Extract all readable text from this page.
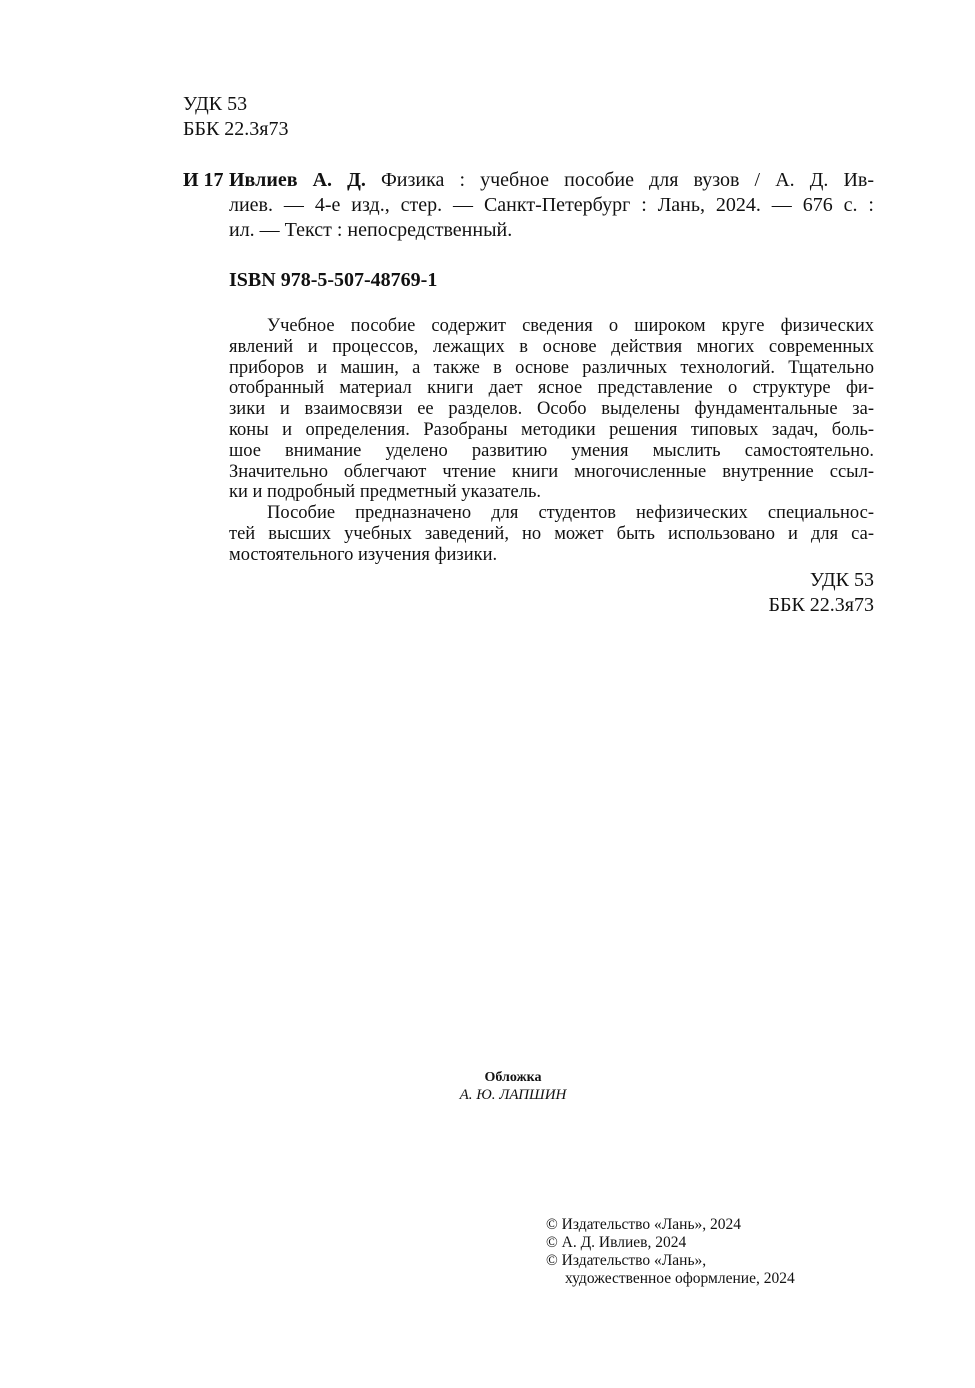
УДК 53
ББК 22.3я73
И 17 Ивлиев А. Д. Физика : учебное пособие для вузов / А. Д. Ив-
лиев. — 4-е изд., стер. — Санкт-Петербург : Лань, 2024. — 676 с. :
ил. — Текст : непосредственный.
ISBN 978-5-507-48769-1
Учебное пособие содержит сведения о широком круге физических
явлений и процессов, лежащих в основе действия многих современных
приборов и машин, а также в основе различных технологий. Тщательно
отобранный материал книги дает ясное представление о структуре фи-
зики и взаимосвязи ее разделов. Особо выделены фундаментальные за-
коны и определения. Разобраны методики решения типовых задач, боль-
шое внимание уделено развитию умения мыслить самостоятельно.
Значительно облегчают чтение книги многочисленные внутренние ссыл-
ки и подробный предметный указатель.
Пособие предназначено для студентов нефизических специальнос-
тей высших учебных заведений, но может быть использовано и для са-
мостоятельного изучения физики.
УДК 53
ББК 22.3я73
Обложка
А. Ю. ЛАПШИН
© Издательство «Лань», 2024
© А. Д. Ивлиев, 2024
© Издательство «Лань»,
художественное оформление, 2024
